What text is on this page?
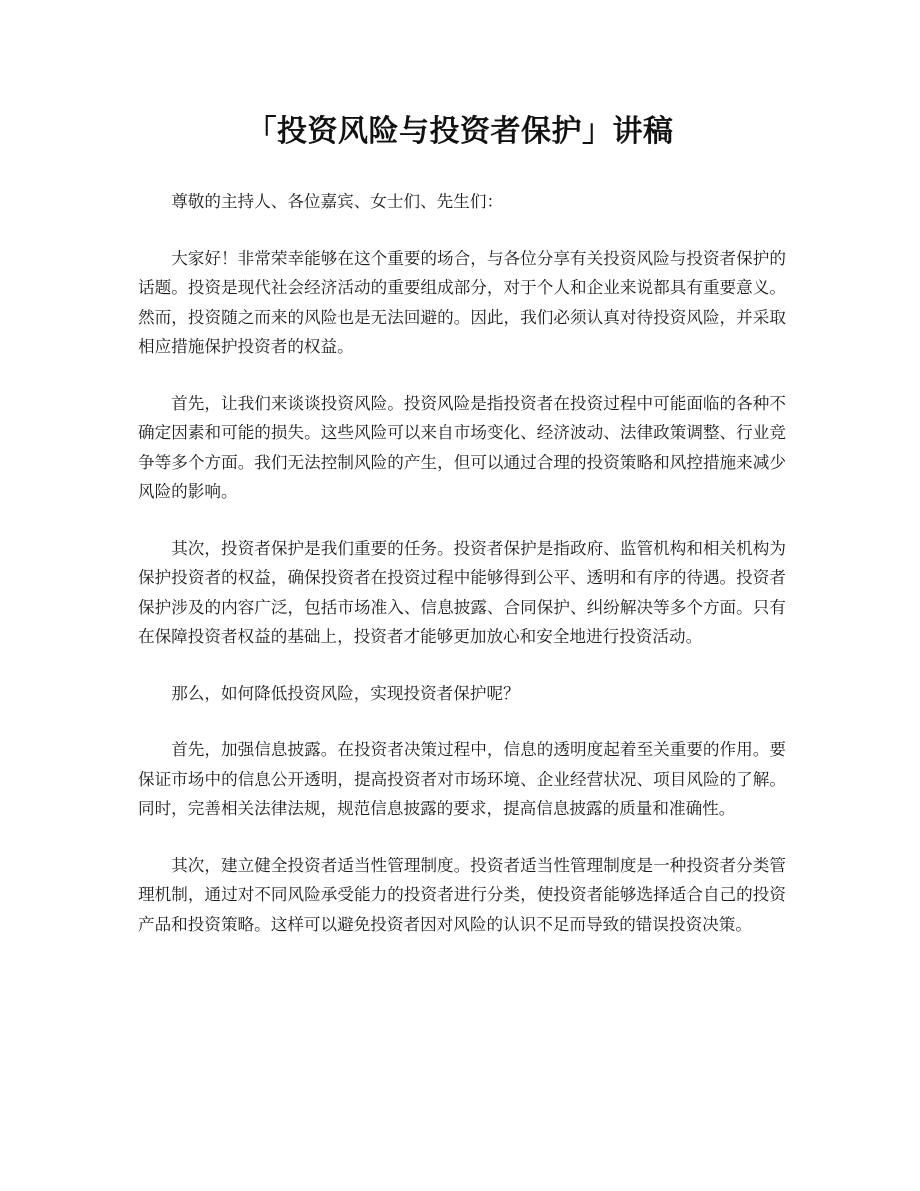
「投资风险与投资者保护」讲稿

尊敬的主持人、各位嘉宾、女士们、先生们：

大家好！非常荣幸能够在这个重要的场合，与各位分享有关投资风险与投资者保护的话题。投资是现代社会经济活动的重要组成部分，对于个人和企业来说都具有重要意义。然而，投资随之而来的风险也是无法回避的。因此，我们必须认真对待投资风险，并采取相应措施保护投资者的权益。

首先，让我们来谈谈投资风险。投资风险是指投资者在投资过程中可能面临的各种不确定因素和可能的损失。这些风险可以来自市场变化、经济波动、法律政策调整、行业竞争等多个方面。我们无法控制风险的产生，但可以通过合理的投资策略和风控措施来减少风险的影响。

其次，投资者保护是我们重要的任务。投资者保护是指政府、监管机构和相关机构为保护投资者的权益，确保投资者在投资过程中能够得到公平、透明和有序的待遇。投资者保护涉及的内容广泛，包括市场准入、信息披露、合同保护、纠纷解决等多个方面。只有在保障投资者权益的基础上，投资者才能够更加放心和安全地进行投资活动。

那么，如何降低投资风险，实现投资者保护呢？

首先，加强信息披露。在投资者决策过程中，信息的透明度起着至关重要的作用。要保证市场中的信息公开透明，提高投资者对市场环境、企业经营状况、项目风险的了解。同时，完善相关法律法规，规范信息披露的要求，提高信息披露的质量和准确性。

其次，建立健全投资者适当性管理制度。投资者适当性管理制度是一种投资者分类管理机制，通过对不同风险承受能力的投资者进行分类，使投资者能够选择适合自己的投资产品和投资策略。这样可以避免投资者因对风险的认识不足而导致的错误投资决策。
